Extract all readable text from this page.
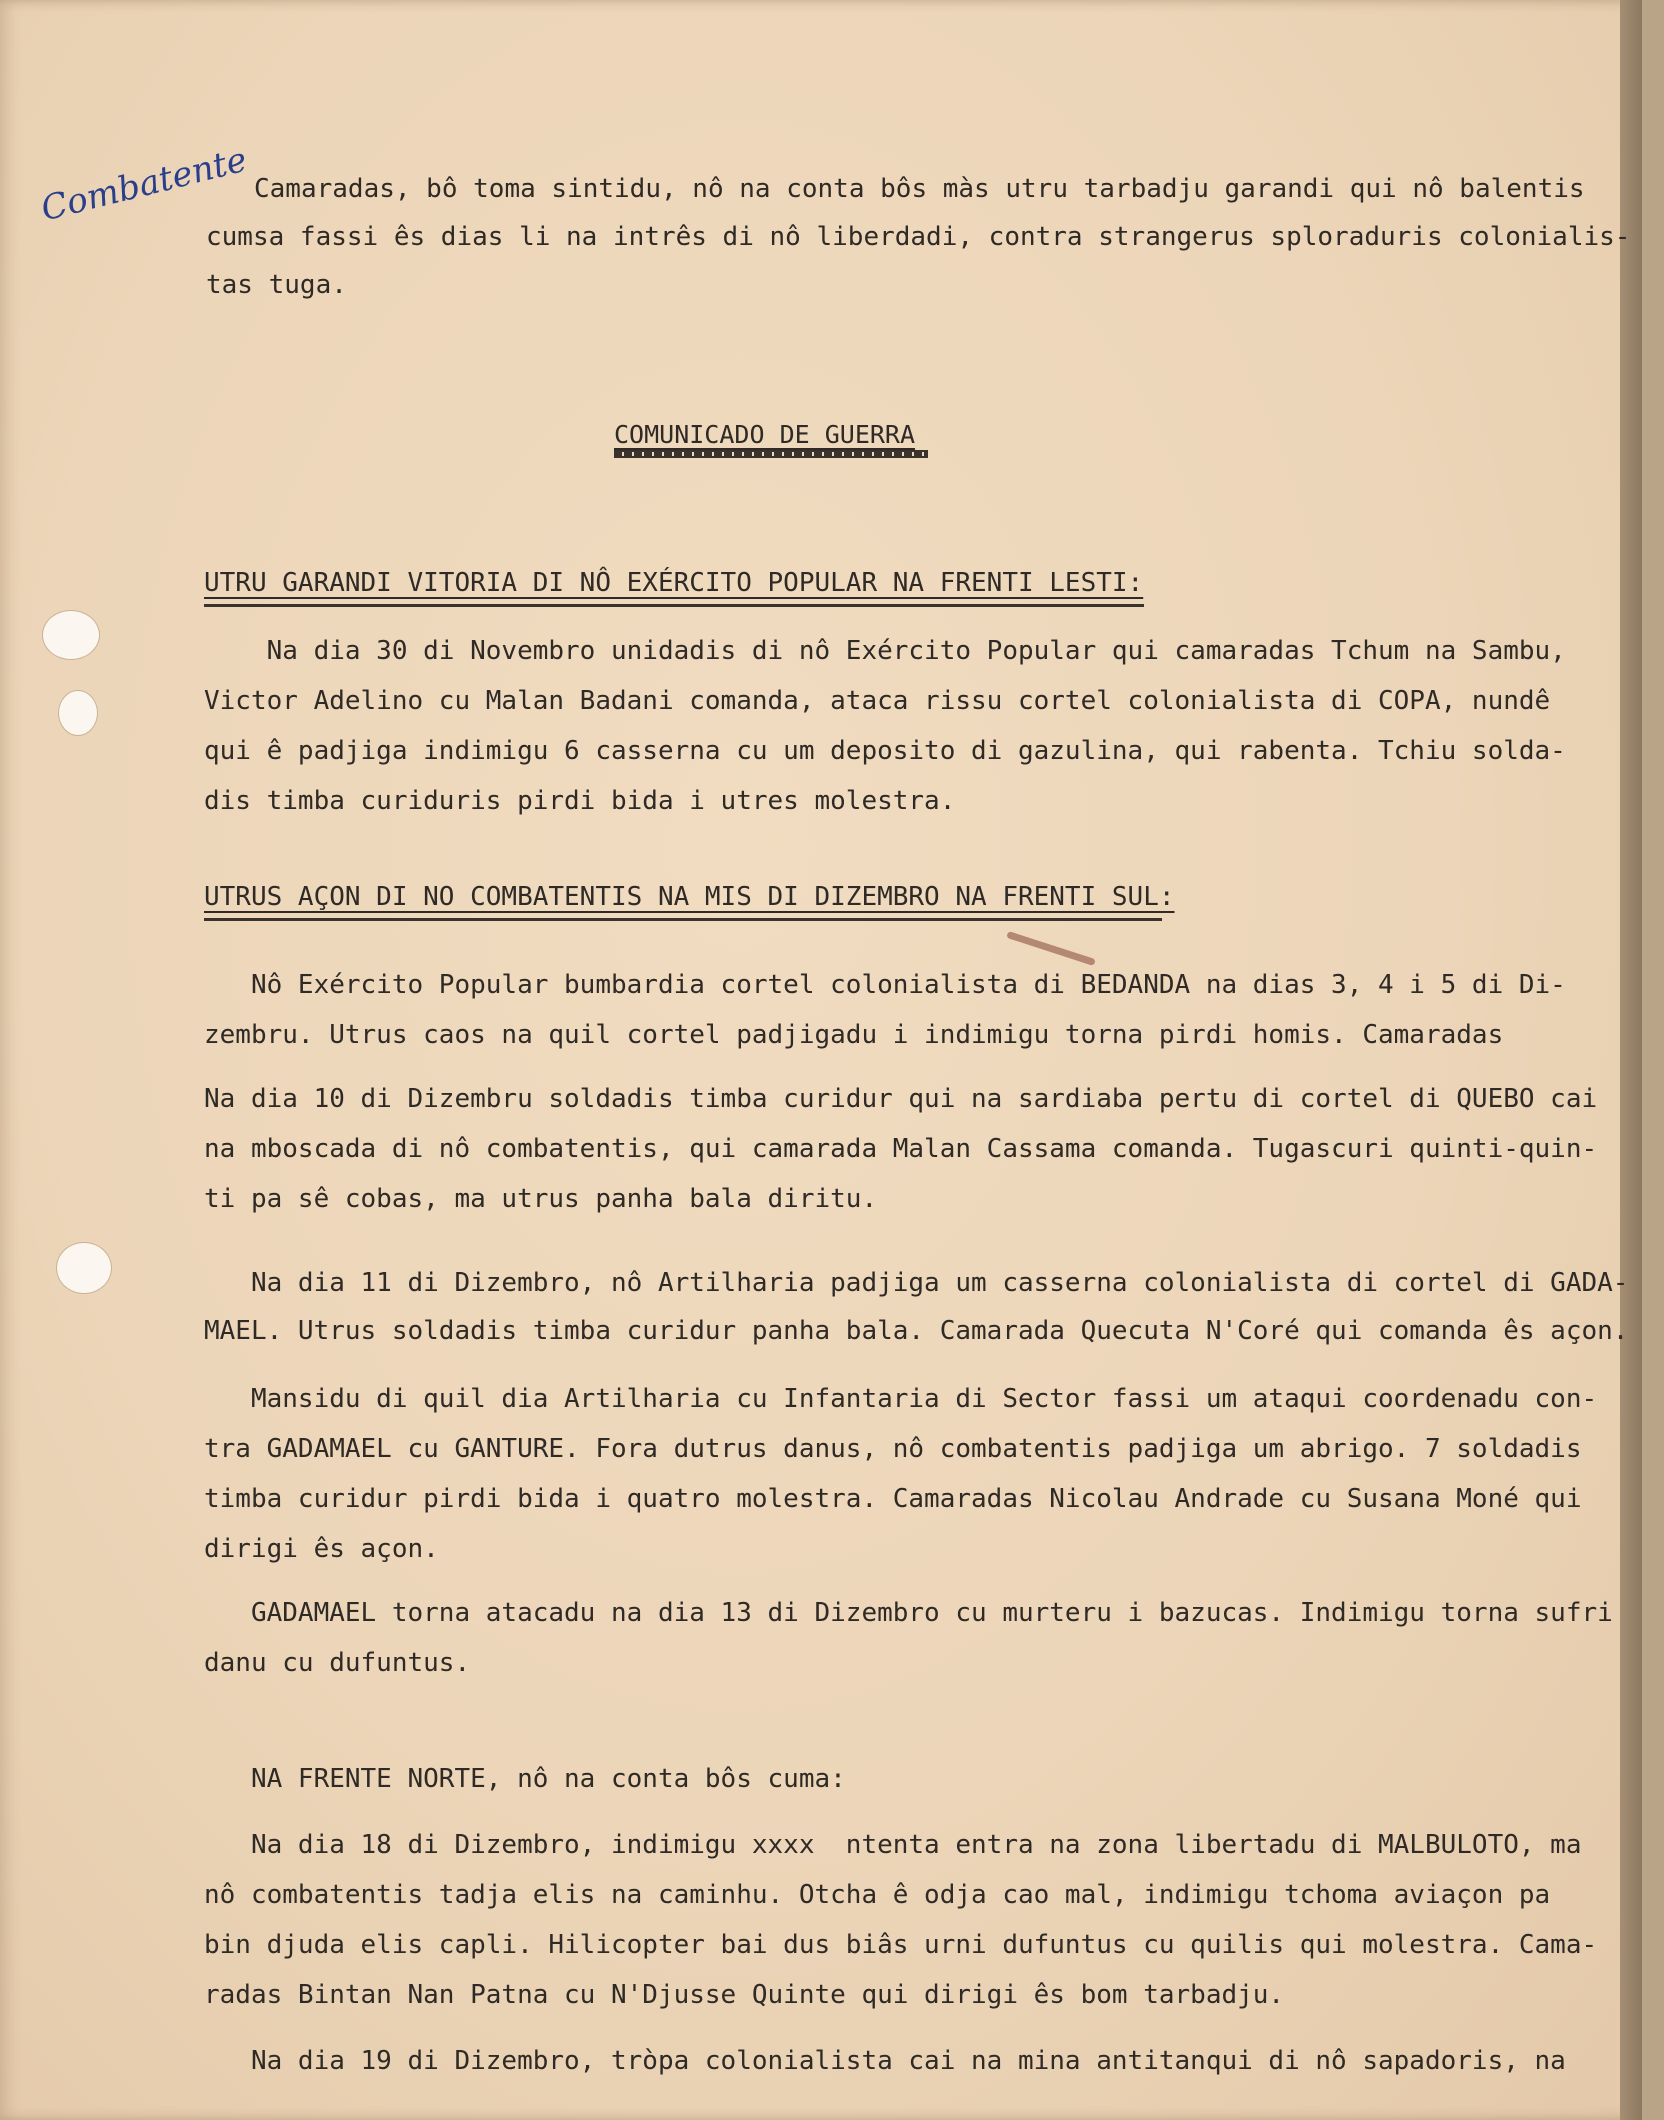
Combatente Camaradas, bô toma sintidu, nô na conta bôs màs utru tarbadju garandi qui nô balentis

cumsa fassi ês dias li na intrês di nô liberdadi, contra strangerus sploraduris colonialis-

tas tuga.

COMUNICADO DE GUERRA
UTRU GARANDI VITORIA DI NÔ EXÉRCITO POPULAR NA FRENTI LESTI:

Na dia 30 di Novembro unidadis di nô Exército Popular qui camaradas Tchum na Sambu,

Victor Adelino cu Malan Badani comanda, ataca rissu cortel colonialista di COPA, nundê

qui ê padjiga indimigu 6 casserna cu um deposito di gazulina, qui rabenta. Tchiu solda-

dis timba curiduris pirdi bida i utres molestra.

UTRUS AÇON DI NO COMBATENTIS NA MIS DI DIZEMBRO NA FRENTI SUL:

Nô Exército Popular bumbardia cortel colonialista di BEDANDA na dias 3, 4 i 5 di Di-

zembru. Utrus caos na quil cortel padjigadu i indimigu torna pirdi homis. Camaradas

Na dia 10 di Dizembru soldadis timba curidur qui na sardiaba pertu di cortel di QUEBO cai

na mboscada di nô combatentis, qui camarada Malan Cassama comanda. Tugascuri quinti-quin-

ti pa sê cobas, ma utrus panha bala diritu.

Na dia 11 di Dizembro, nô Artilharia padjiga um casserna colonialista di cortel di GADA-

MAEL. Utrus soldadis timba curidur panha bala. Camarada Quecuta N'Coré qui comanda ês açon.

Mansidu di quil dia Artilharia cu Infantaria di Sector fassi um ataqui coordenadu con-

tra GADAMAEL cu GANTURE. Fora dutrus danus, nô combatentis padjiga um abrigo. 7 soldadis

timba curidur pirdi bida i quatro molestra. Camaradas Nicolau Andrade cu Susana Moné qui

dirigi ês açon.

GADAMAEL torna atacadu na dia 13 di Dizembro cu murteru i bazucas. Indimigu torna sufri

danu cu dufuntus.

NA FRENTE NORTE, nô na conta bôs cuma:

Na dia 18 di Dizembro, indimigu xxxx  ntenta entra na zona libertadu di MALBULOTO, ma

nô combatentis tadja elis na caminhu. Otcha ê odja cao mal, indimigu tchoma aviaçon pa

bin djuda elis capli. Hilicopter bai dus biâs urni dufuntus cu quilis qui molestra. Cama-

radas Bintan Nan Patna cu N'Djusse Quinte qui dirigi ês bom tarbadju.

Na dia 19 di Dizembro, tròpa colonialista cai na mina antitanqui di nô sapadoris, na
